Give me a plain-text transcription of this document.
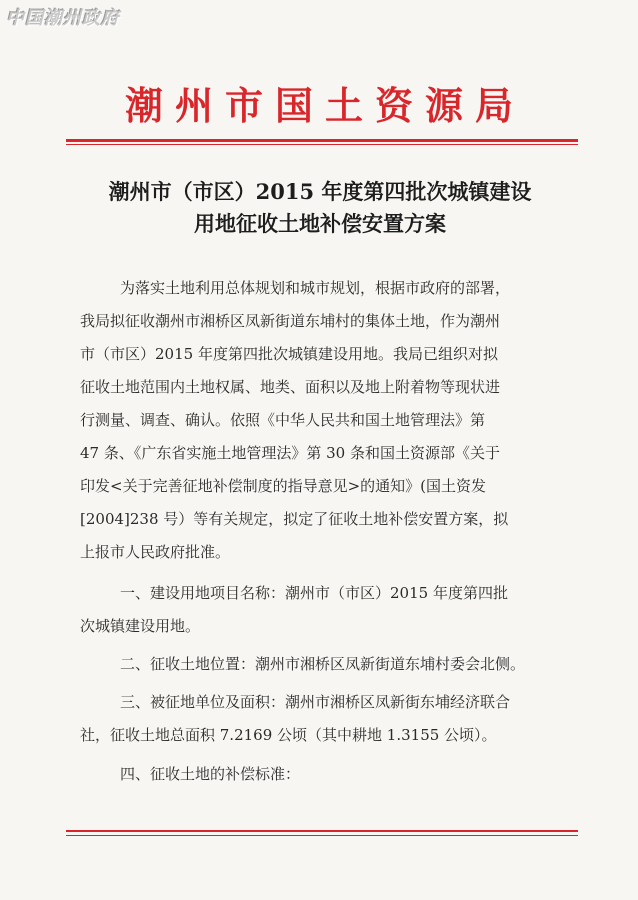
中国潮州政府
潮州市国土资源局
潮州市（市区）2015 年度第四批次城镇建设
用地征收土地补偿安置方案
为落实土地利用总体规划和城市规划，根据市政府的部署，
我局拟征收潮州市湘桥区凤新街道东埔村的集体土地，作为潮州
市（市区）2015 年度第四批次城镇建设用地。我局已组织对拟
征收土地范围内土地权属、地类、面积以及地上附着物等现状进
行测量、调查、确认。依照《中华人民共和国土地管理法》第
47 条、《广东省实施土地管理法》第 30 条和国土资源部《关于
印发<关于完善征地补偿制度的指导意见>的通知》(国土资发
[2004]238 号）等有关规定，拟定了征收土地补偿安置方案，拟
上报市人民政府批准。
一、建设用地项目名称：潮州市（市区）2015 年度第四批
次城镇建设用地。
二、征收土地位置：潮州市湘桥区凤新街道东埔村委会北侧。
三、被征地单位及面积：潮州市湘桥区凤新街东埔经济联合
社，征收土地总面积 7.2169 公顷（其中耕地 1.3155 公顷）。
四、征收土地的补偿标准：
